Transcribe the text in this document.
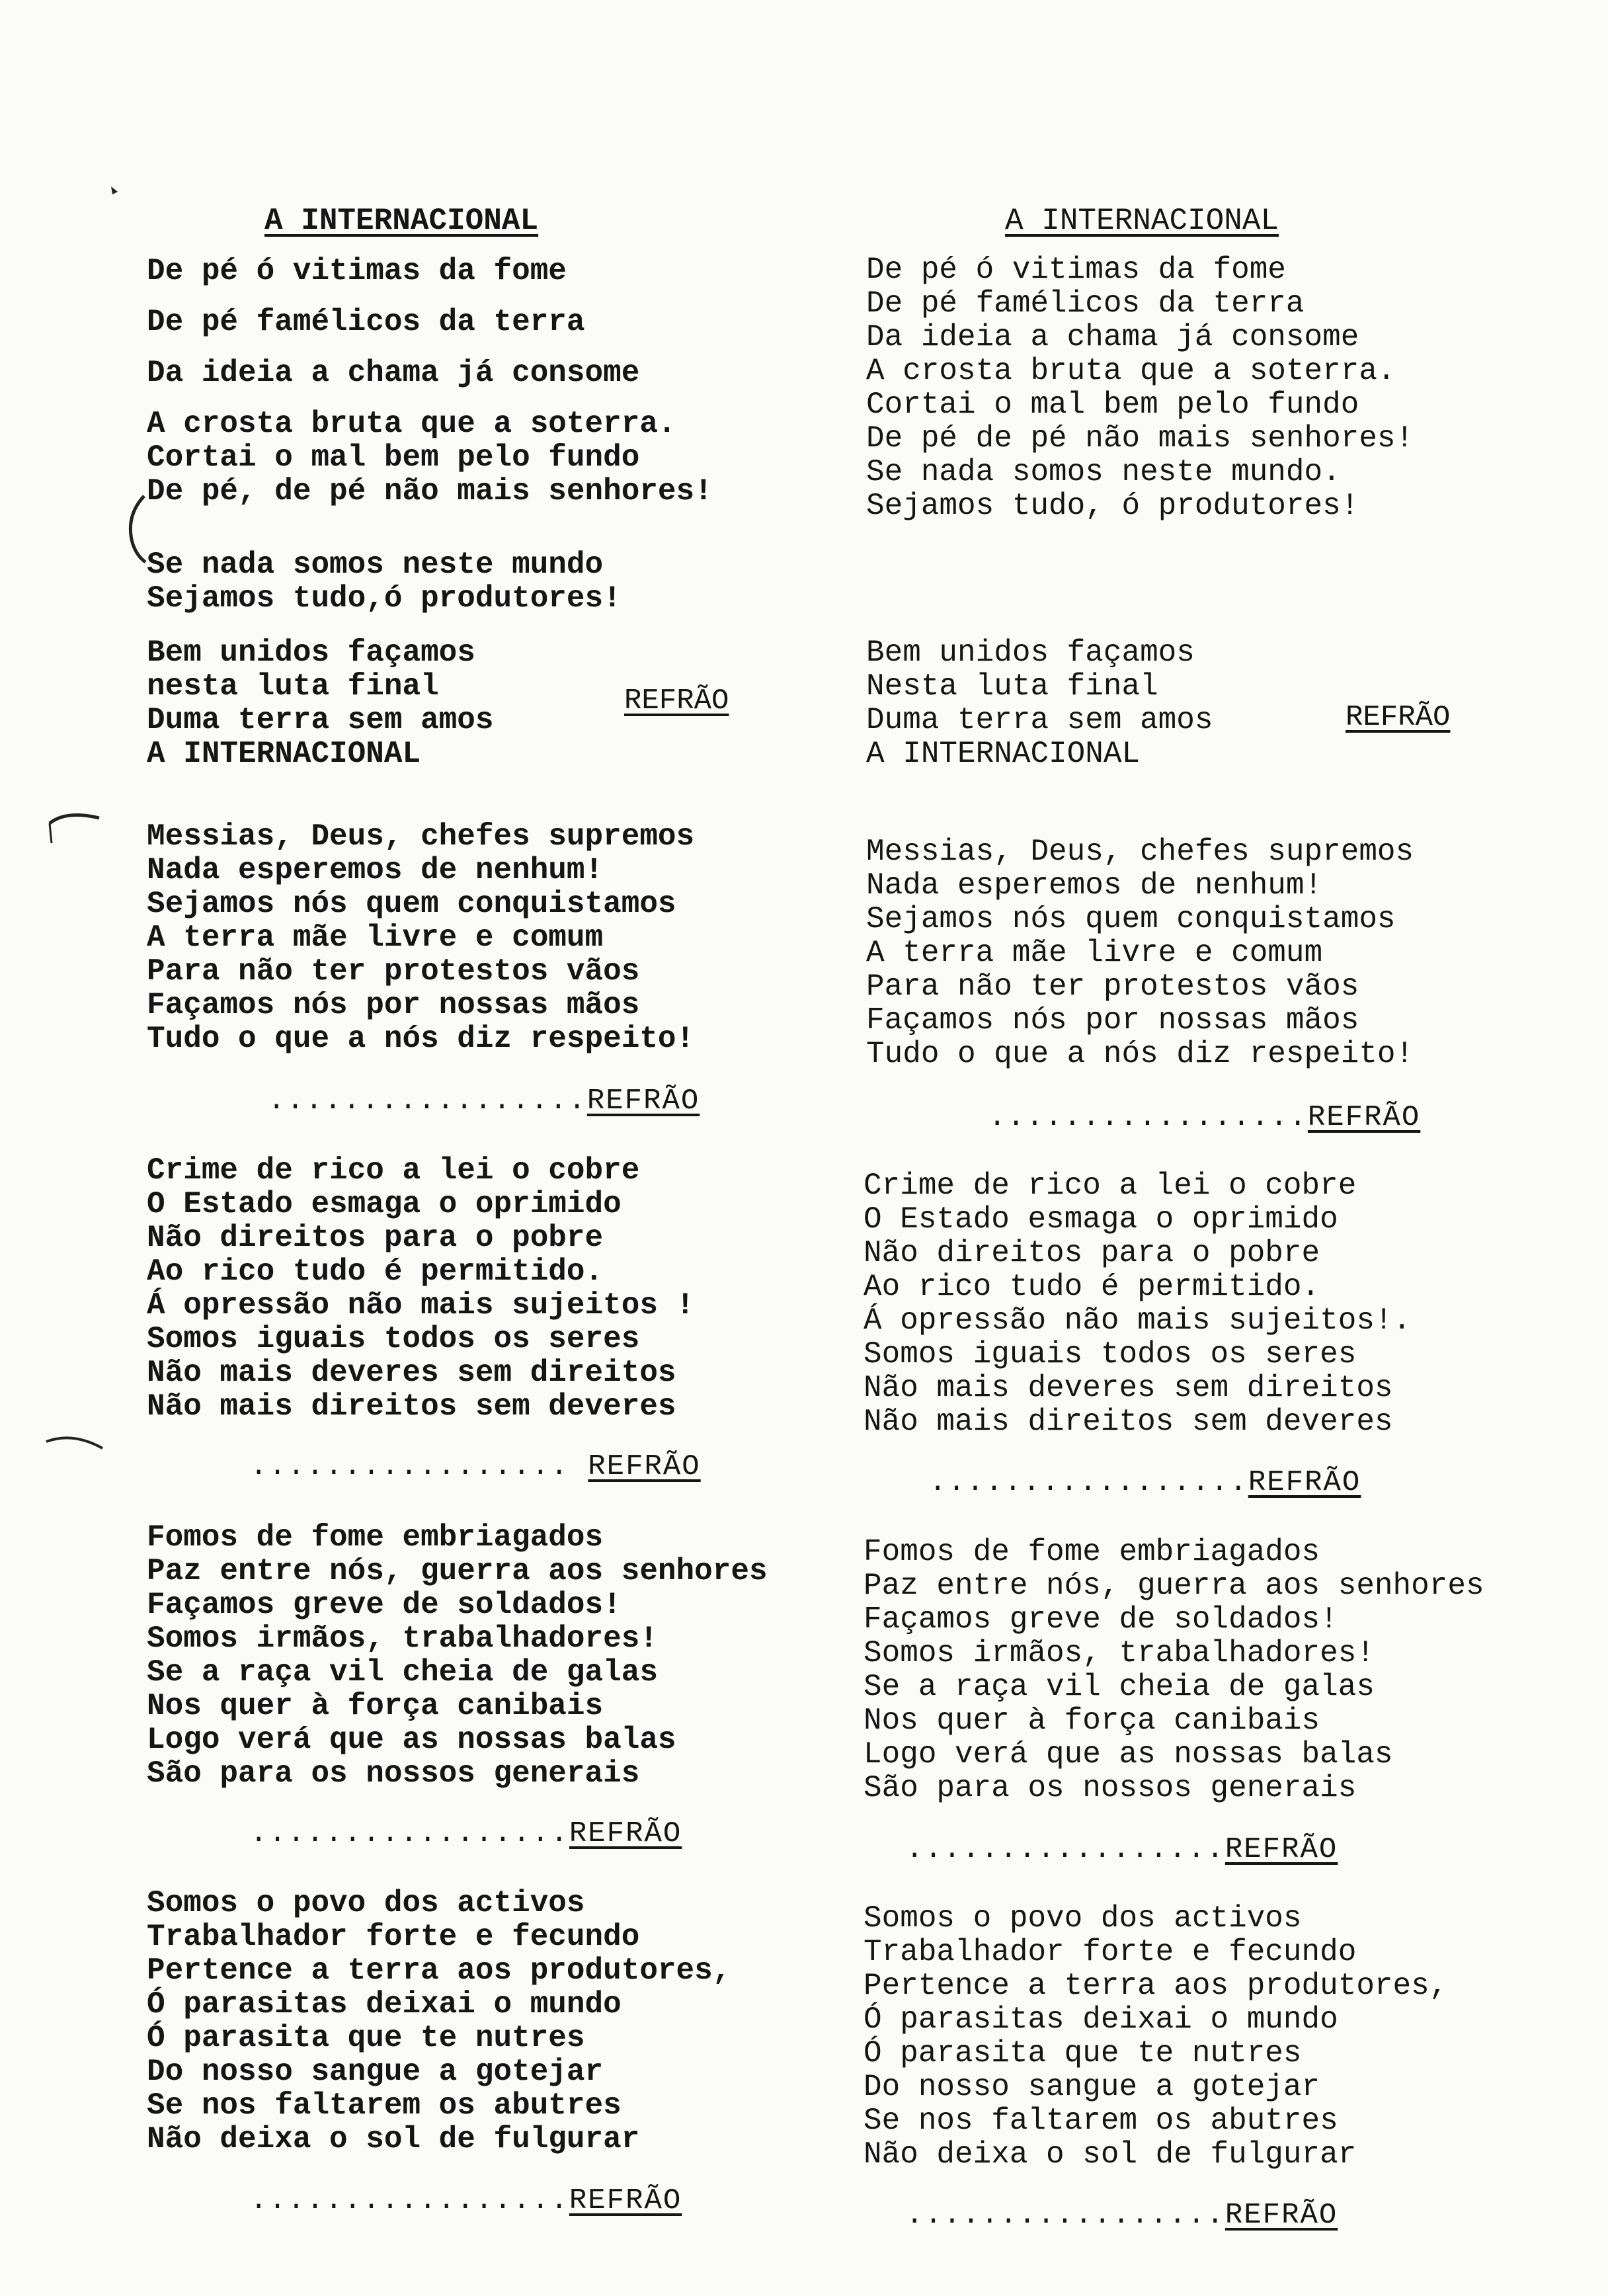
A INTERNACIONAL
De pé ó vitimas da fome
De pé famélicos da terra
Da ideia a chama já consome
A crosta bruta que a soterra.
Cortai o mal bem pelo fundo
De pé, de pé não mais senhores!
Se nada somos neste mundo
Sejamos tudo,ó produtores!
Bem unidos façamos
nesta luta final
Duma terra sem amos
A INTERNACIONAL
REFRÃO
Messias, Deus, chefes supremos
Nada esperemos de nenhum!
Sejamos nós quem conquistamos
A terra mãe livre e comum
Para não ter protestos vãos
Façamos nós por nossas mãos
Tudo o que a nós diz respeito!
.................REFRÃO
Crime de rico a lei o cobre
O Estado esmaga o oprimido
Não direitos para o pobre
Ao rico tudo é permitido.
Á opressão não mais sujeitos !
Somos iguais todos os seres
Não mais deveres sem direitos
Não mais direitos sem deveres
................. REFRÃO
Fomos de fome embriagados
Paz entre nós, guerra aos senhores
Façamos greve de soldados!
Somos irmãos, trabalhadores!
Se a raça vil cheia de galas
Nos quer à força canibais
Logo verá que as nossas balas
São para os nossos generais
.................REFRÃO
Somos o povo dos activos
Trabalhador forte e fecundo
Pertence a terra aos produtores,
Ó parasitas deixai o mundo
Ó parasita que te nutres
Do nosso sangue a gotejar
Se nos faltarem os abutres
Não deixa o sol de fulgurar
.................REFRÃO
A INTERNACIONAL
De pé ó vitimas da fome
De pé famélicos da terra
Da ideia a chama já consome
A crosta bruta que a soterra.
Cortai o mal bem pelo fundo
De pé de pé não mais senhores!
Se nada somos neste mundo.
Sejamos tudo, ó produtores!
Bem unidos façamos
Nesta luta final
Duma terra sem amos
A INTERNACIONAL
REFRÃO
Messias, Deus, chefes supremos
Nada esperemos de nenhum!
Sejamos nós quem conquistamos
A terra mãe livre e comum
Para não ter protestos vãos
Façamos nós por nossas mãos
Tudo o que a nós diz respeito!
.................REFRÃO
Crime de rico a lei o cobre
O Estado esmaga o oprimido
Não direitos para o pobre
Ao rico tudo é permitido.
Á opressão não mais sujeitos!.
Somos iguais todos os seres
Não mais deveres sem direitos
Não mais direitos sem deveres
.................REFRÃO
Fomos de fome embriagados
Paz entre nós, guerra aos senhores
Façamos greve de soldados!
Somos irmãos, trabalhadores!
Se a raça vil cheia de galas
Nos quer à força canibais
Logo verá que as nossas balas
São para os nossos generais
.................REFRÃO
Somos o povo dos activos
Trabalhador forte e fecundo
Pertence a terra aos produtores,
Ó parasitas deixai o mundo
Ó parasita que te nutres
Do nosso sangue a gotejar
Se nos faltarem os abutres
Não deixa o sol de fulgurar
.................REFRÃO
